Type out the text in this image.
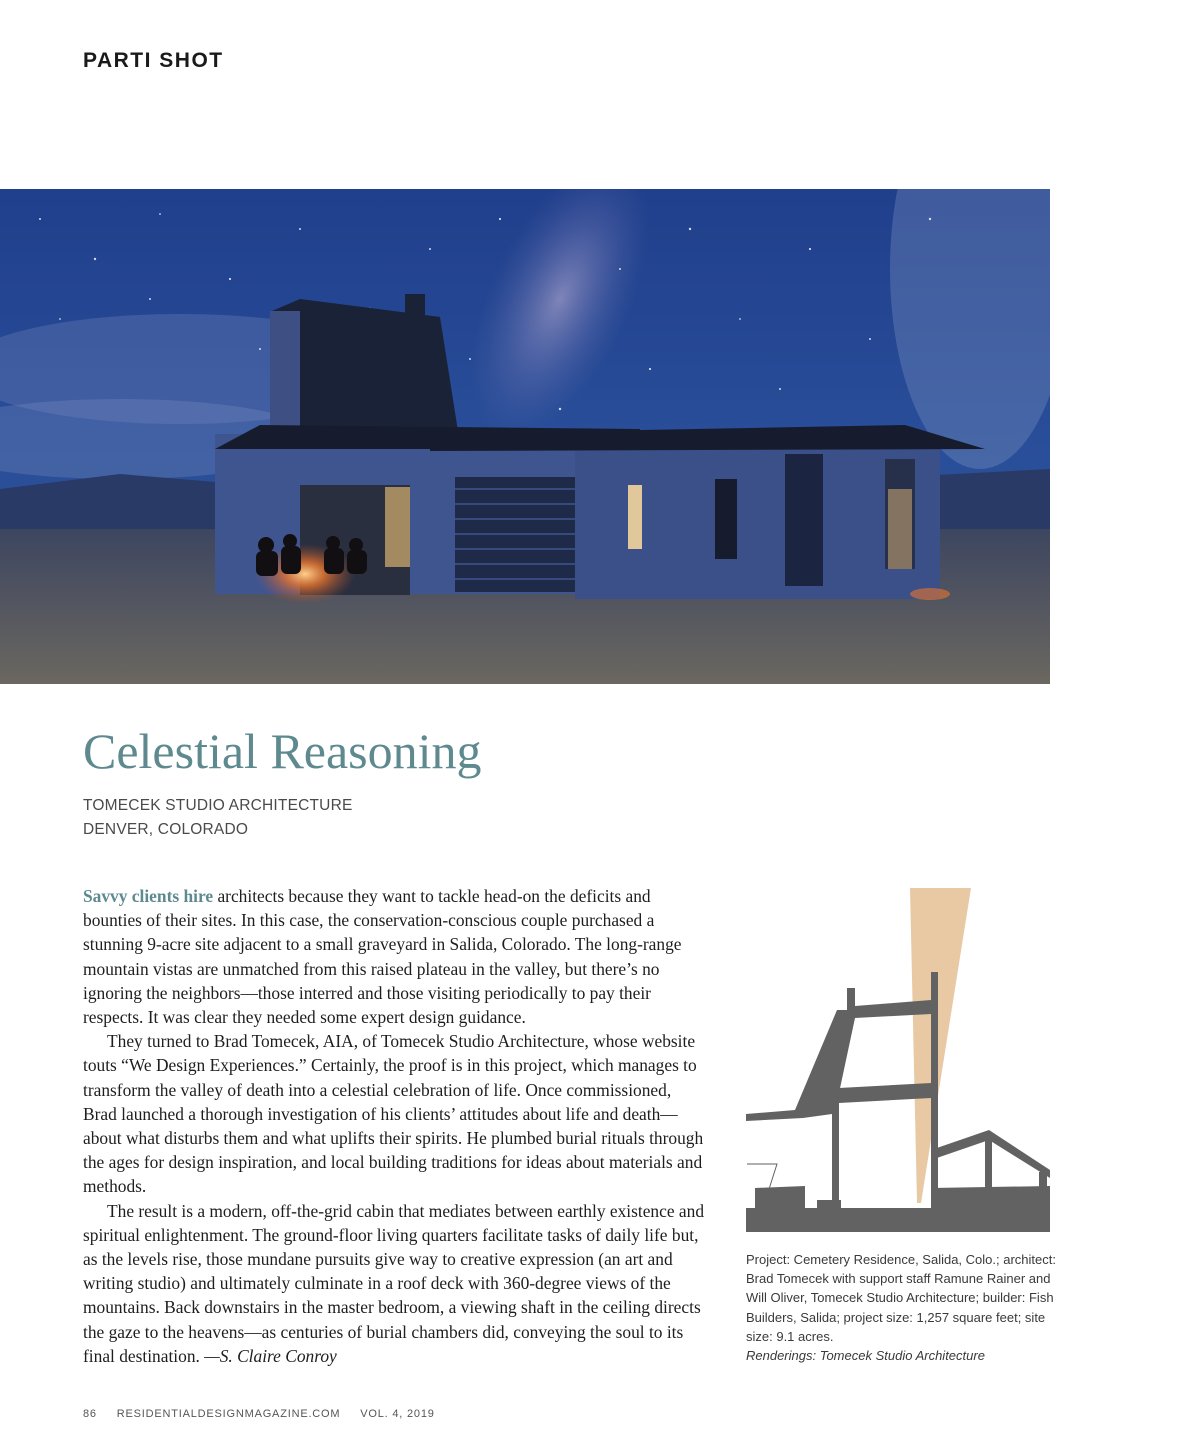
PARTI SHOT
Celestial Reasoning
TOMECEK STUDIO ARCHITECTURE
DENVER, COLORADO

Savvy clients hire architects because they want to tackle head-on the deficits and bounties of their sites. In this case, the conservation-conscious couple purchased a stunning 9-acre site adjacent to a small graveyard in Salida, Colorado. The long-range mountain vistas are unmatched from this raised plateau in the valley, but there’s no ignoring the neighbors—those interred and those visiting periodically to pay their respects. It was clear they needed some expert design guidance.

They turned to Brad Tomecek, AIA, of Tomecek Studio Architecture, whose website touts “We Design Experiences.” Certainly, the proof is in this project, which manages to transform the valley of death into a celestial celebration of life. Once commissioned, Brad launched a thorough investigation of his clients’ attitudes about life and death—about what disturbs them and what uplifts their spirits. He plumbed burial rituals through the ages for design inspiration, and local building traditions for ideas about materials and methods.

The result is a modern, off-the-grid cabin that mediates between earthly existence and spiritual enlightenment. The ground-floor living quarters facilitate tasks of daily life but, as the levels rise, those mundane pursuits give way to creative expression (an art and writing studio) and ultimately culminate in a roof deck with 360-degree views of the mountains. Back downstairs in the master bedroom, a viewing shaft in the ceiling directs the gaze to the heavens—as centuries of burial chambers did, conveying the soul to its final destination. —S. Claire Conroy

Project: Cemetery Residence, Salida, Colo.; architect: Brad Tomecek with support staff Ramune Rainer and Will Oliver, Tomecek Studio Architecture; builder: Fish Builders, Salida; project size: 1,257 square feet; site size: 9.1 acres.
Renderings: Tomecek Studio Architecture
86 RESIDENTIALDESIGNMAGAZINE.COM VOL. 4, 2019
